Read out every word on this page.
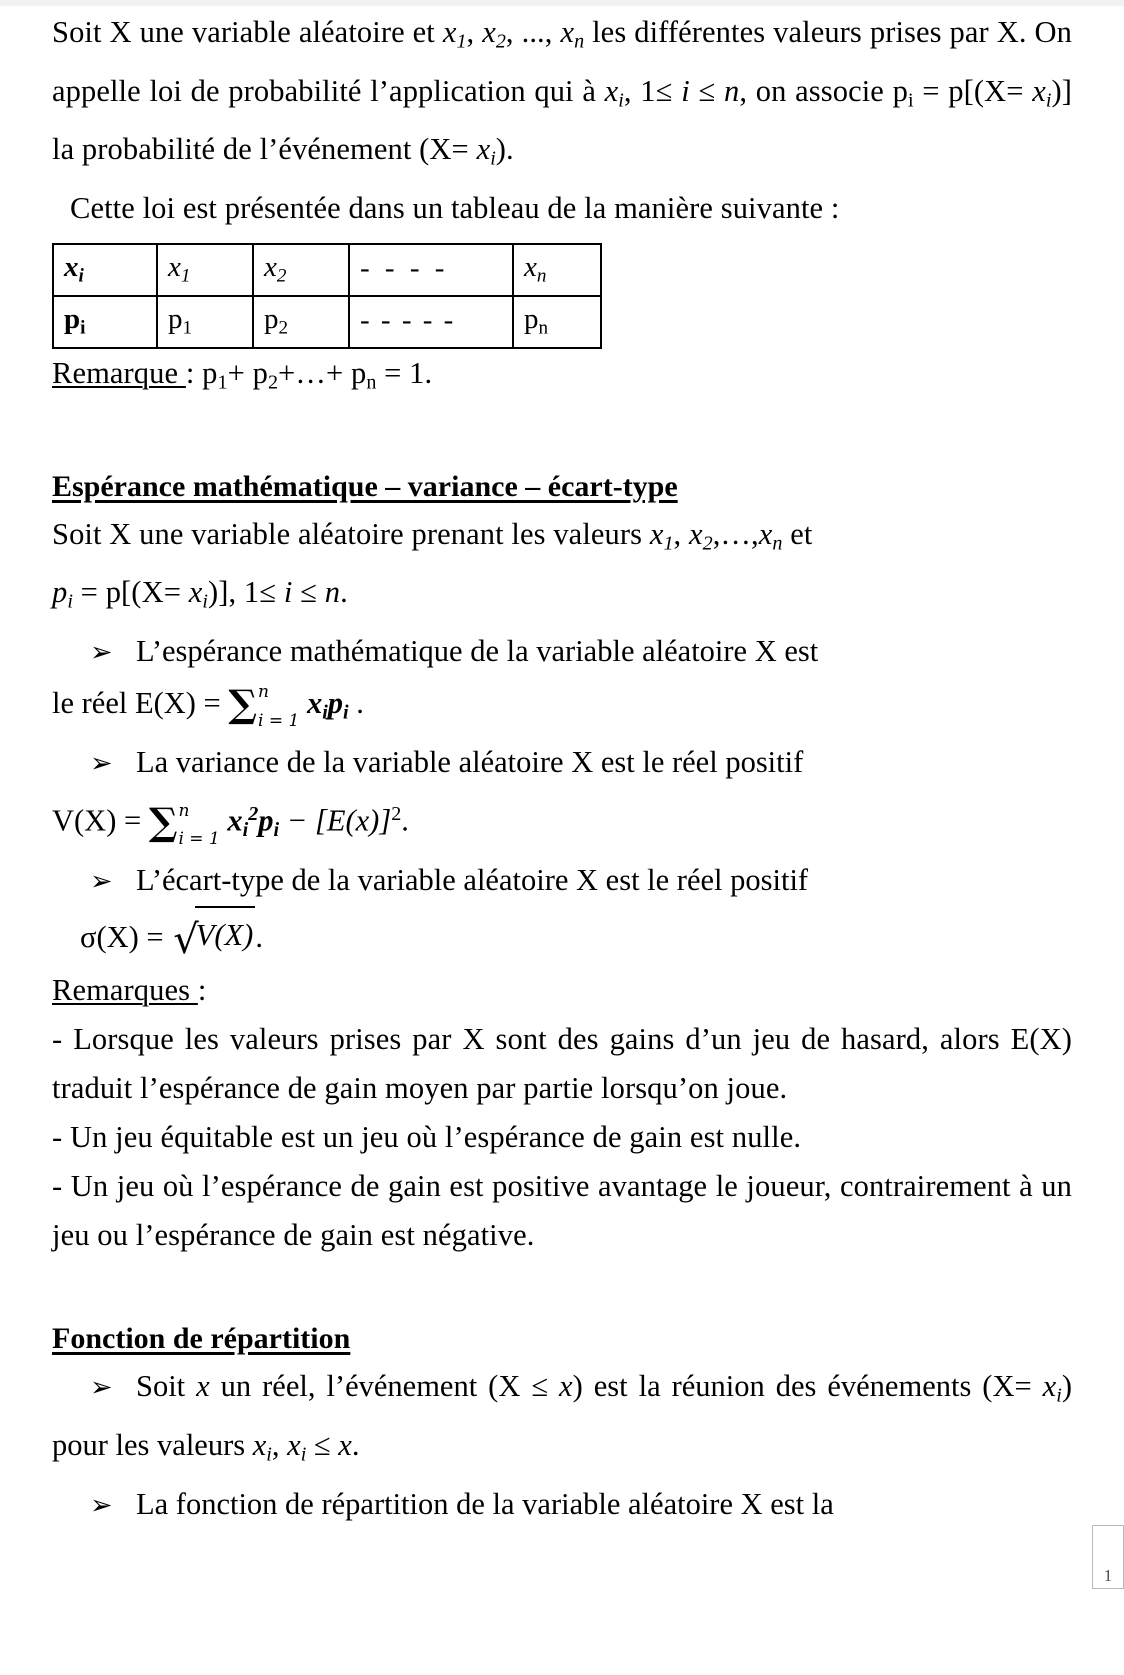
Soit X une variable aléatoire et $x_1$, $x_2$, ..., $x_n$ les différentes valeurs prises par X. On appelle loi de probabilité l’application qui à $x_i$, 1≤ i ≤ n, on associe $p_i = p[(X= x_i)]$ la probabilité de l’événement $(X= x_i)$.

Cette loi est présentée dans un tableau de la manière suivante :

$x_i$	$x_1$	$x_2$	- - - -	$x_n$
$p_i$	$p_1$	$p_2$	- - - - -	$p_n$

Remarque : $p_1+$ $p_2+\dots+ p_n = 1$.

Espérance mathématique – variance – écart-type

Soit X une variable aléatoire prenant les valeurs $x_1$, $x_2,\dots,x_n$ et

$p_i = p[(X= x_i)]$, 1≤ i ≤ n.

➢ L’espérance mathématique de la variable aléatoire X est

le réel E(X) = ∑ n
i = 1
$x_ip_i$ .

➢ La variance de la variable aléatoire X est le réel positif

V(X) = ∑ n
i = 1
$x_i^2p_i - [E(x)]^2$.

➢ L’écart-type de la variable aléatoire X est le réel positif

σ(X) = √V(X).

Remarques :

- Lorsque les valeurs prises par X sont des gains d’un jeu de hasard, alors E(X) traduit l’espérance de gain moyen par partie lorsqu’on joue.

- Un jeu équitable est un jeu où l’espérance de gain est nulle.

- Un jeu où l’espérance de gain est positive avantage le joueur, contrairement à un jeu ou l’espérance de gain est négative.

Fonction de répartition

➢ Soit x un réel, l’événement (X ≤ x) est la réunion des événements $(X= x_i)$ pour les valeurs $x_i$, $x_i \le x$.

➢ La fonction de répartition de la variable aléatoire X est la

1
